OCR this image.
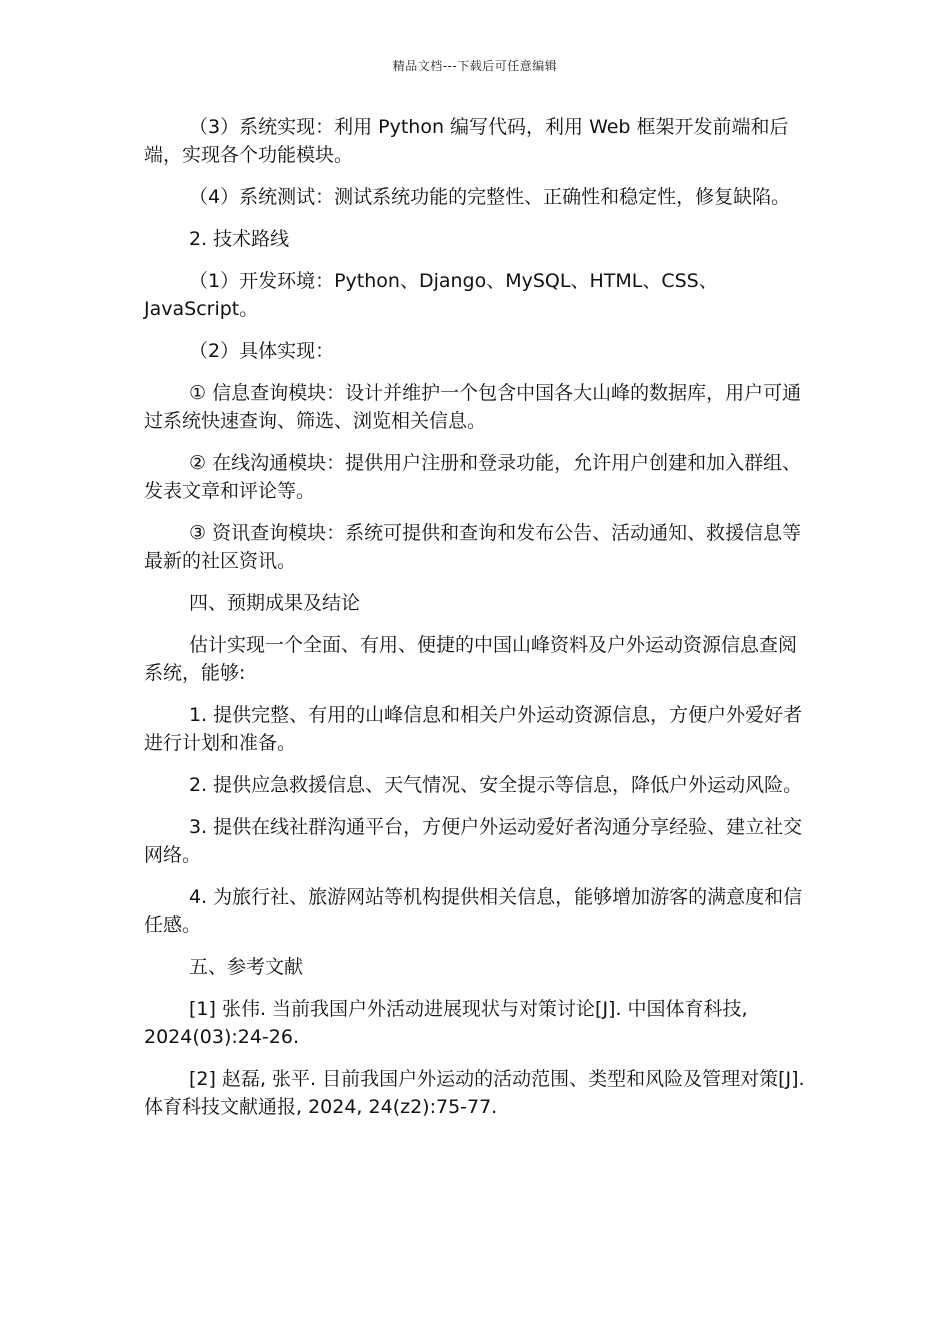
精品文档---下载后可任意编辑

（3）系统实现：利用 Python 编写代码，利用 Web 框架开发前端和后端，实现各个功能模块。

（4）系统测试：测试系统功能的完整性、正确性和稳定性，修复缺陷。

2. 技术路线

（1）开发环境：Python、Django、MySQL、HTML、CSS、JavaScript。

（2）具体实现：

① 信息查询模块：设计并维护一个包含中国各大山峰的数据库，用户可通过系统快速查询、筛选、浏览相关信息。

② 在线沟通模块：提供用户注册和登录功能，允许用户创建和加入群组、发表文章和评论等。

③ 资讯查询模块：系统可提供和查询和发布公告、活动通知、救援信息等最新的社区资讯。

四、预期成果及结论

估计实现一个全面、有用、便捷的中国山峰资料及户外运动资源信息查阅系统，能够:

1. 提供完整、有用的山峰信息和相关户外运动资源信息，方便户外爱好者进行计划和准备。

2. 提供应急救援信息、天气情况、安全提示等信息，降低户外运动风险。

3. 提供在线社群沟通平台，方便户外运动爱好者沟通分享经验、建立社交网络。

4. 为旅行社、旅游网站等机构提供相关信息，能够增加游客的满意度和信任感。

五、参考文献

[1] 张伟. 当前我国户外活动进展现状与对策讨论[J]. 中国体育科技, 2024(03):24-26.

[2] 赵磊, 张平. 目前我国户外运动的活动范围、类型和风险及管理对策[J]. 体育科技文献通报, 2024, 24(z2):75-77.
